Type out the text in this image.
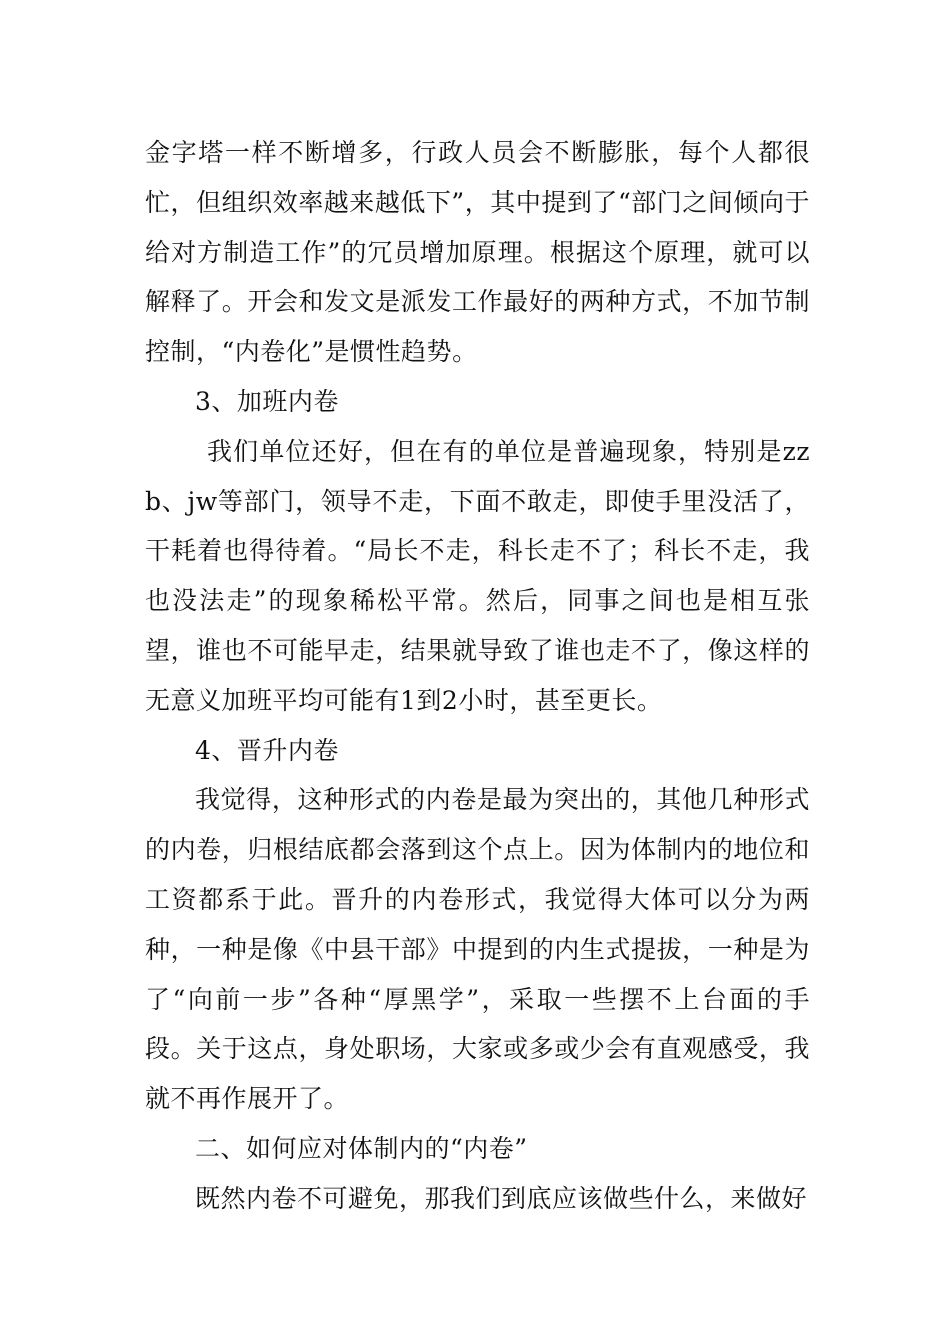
金字塔一样不断增多，行政人员会不断膨胀，每个人都很忙，但组织效率越来越低下”，其中提到了“部门之间倾向于给对方制造工作”的冗员增加原理。根据这个原理，就可以解释了。开会和发文是派发工作最好的两种方式，不加节制控制，“内卷化”是惯性趋势。

3、加班内卷

我们单位还好，但在有的单位是普遍现象，特别是zzb、jw等部门，领导不走，下面不敢走，即使手里没活了，干耗着也得待着。“局长不走，科长走不了；科长不走，我也没法走”的现象稀松平常。然后，同事之间也是相互张望，谁也不可能早走，结果就导致了谁也走不了，像这样的无意义加班平均可能有1到2小时，甚至更长。

4、晋升内卷

我觉得，这种形式的内卷是最为突出的，其他几种形式的内卷，归根结底都会落到这个点上。因为体制内的地位和工资都系于此。晋升的内卷形式，我觉得大体可以分为两种，一种是像《中县干部》中提到的内生式提拔，一种是为了“向前一步”各种“厚黑学”，采取一些摆不上台面的手段。关于这点，身处职场，大家或多或少会有直观感受，我就不再作展开了。

二、如何应对体制内的“内卷”

既然内卷不可避免，那我们到底应该做些什么，来做好
